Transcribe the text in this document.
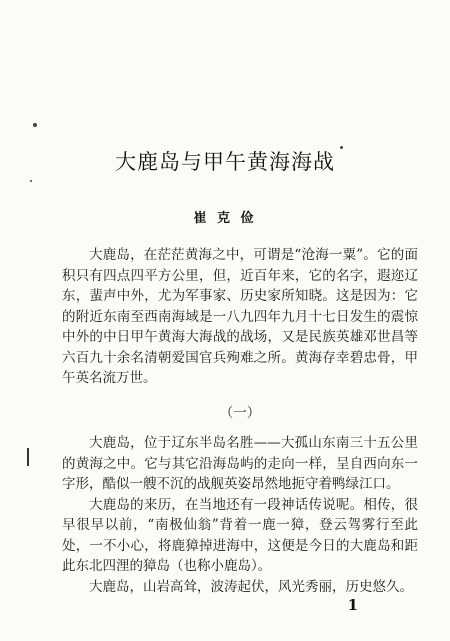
大鹿岛与甲午黄海海战
崔 克 俭

大鹿岛，在茫茫黄海之中，可谓是“沧海一粟”。它的面积只有四点四平方公里，但，近百年来，它的名字，遐迩辽东，蜚声中外，尤为军事家、历史家所知晓。这是因为：它的附近东南至西南海域是一八九四年九月十七日发生的震惊中外的中日甲午黄海大海战的战场，又是民族英雄邓世昌等六百九十余名清朝爱国官兵殉难之所。黄海存幸碧忠骨，甲午英名流万世。

（一）

大鹿岛，位于辽东半岛名胜——大孤山东南三十五公里的黄海之中。它与其它沿海岛屿的走向一样，呈自西向东一字形，酷似一艘不沉的战舰英姿昂然地扼守着鸭绿江口。

大鹿岛的来历，在当地还有一段神话传说呢。相传，很早很早以前，“南极仙翁”背着一鹿一獐，登云驾雾行至此处，一不小心，将鹿獐掉进海中，这便是今日的大鹿岛和距此东北四浬的獐岛（也称小鹿岛）。

大鹿岛，山岩高耸，波涛起伏，风光秀丽，历史悠久。

1
